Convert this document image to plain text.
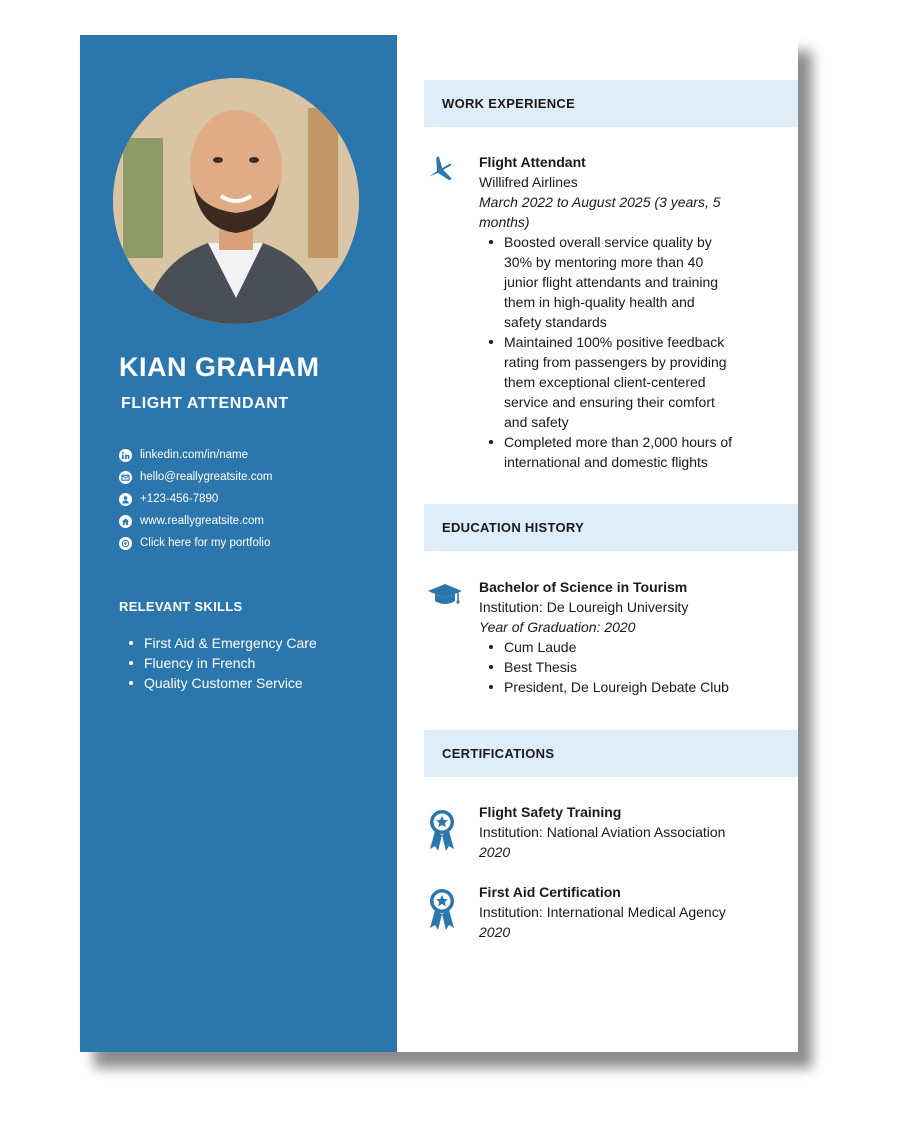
KIAN GRAHAM
FLIGHT ATTENDANT
linkedin.com/in/name
hello@reallygreatsite.com
+123-456-7890
www.reallygreatsite.com
Click here for my portfolio
RELEVANT SKILLS
First Aid & Emergency Care
Fluency in French
Quality Customer Service
WORK EXPERIENCE
Flight Attendant
Willifred Airlines
March 2022 to August 2025 (3 years, 5
months)
Boosted overall service quality by
30% by mentoring more than 40
junior flight attendants and training
them in high-quality health and
safety standards
Maintained 100% positive feedback
rating from passengers by providing
them exceptional client-centered
service and ensuring their comfort
and safety
Completed more than 2,000 hours of
international and domestic flights
EDUCATION HISTORY
Bachelor of Science in Tourism
Institution: De Loureigh University
Year of Graduation: 2020
Cum Laude
Best Thesis
President, De Loureigh Debate Club
CERTIFICATIONS
Flight Safety Training
Institution: National Aviation Association
2020
First Aid Certification
Institution: International Medical Agency
2020
